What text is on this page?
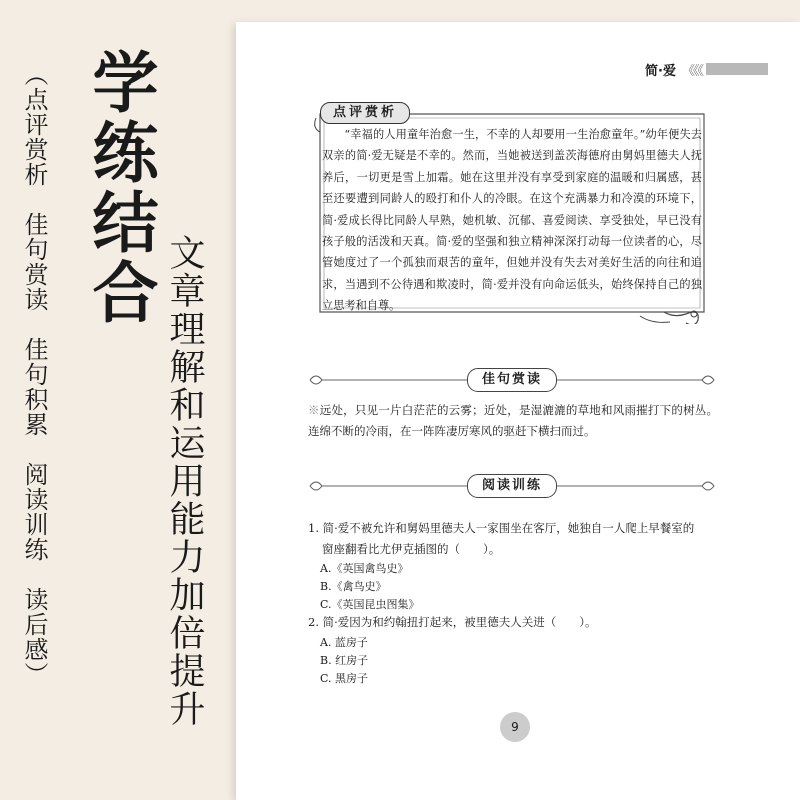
（点评赏析　佳句赏读　佳句积累　阅读训练　读后感） 学练结合
文章理解和运用能力加倍提升
简·爱 《《《
点评赏析
“幸福的人用童年治愈一生，不幸的人却要用一生治愈童年。”幼年便失去双亲的简·爱无疑是不幸的。然而，当她被送到盖茨海德府由舅妈里德夫人抚养后，一切更是雪上加霜。她在这里并没有享受到家庭的温暖和归属感，甚至还要遭到同龄人的殴打和仆人的冷眼。在这个充满暴力和冷漠的环境下，简·爱成长得比同龄人早熟，她机敏、沉郁、喜爱阅读、享受独处，早已没有孩子般的活泼和天真。简·爱的坚强和独立精神深深打动每一位读者的心，尽管她度过了一个孤独而艰苦的童年，但她并没有失去对美好生活的向往和追求，当遇到不公待遇和欺凌时，简·爱并没有向命运低头，始终保持自己的独立思考和自尊。
佳句赏读
※远处，只见一片白茫茫的云雾；近处，是湿漉漉的草地和风雨摧打下的树丛。连绵不断的冷雨，在一阵阵凄厉寒风的驱赶下横扫而过。
阅读训练
1. 简·爱不被允许和舅妈里德夫人一家围坐在客厅，她独自一人爬上早餐室的
窗座翻看比尤伊克插图的（　　）。
A.《英国禽鸟史》
B.《禽鸟史》
C.《英国昆虫图集》
2. 简·爱因为和约翰扭打起来，被里德夫人关进（　　）。
A. 蓝房子
B. 红房子
C. 黑房子
9
